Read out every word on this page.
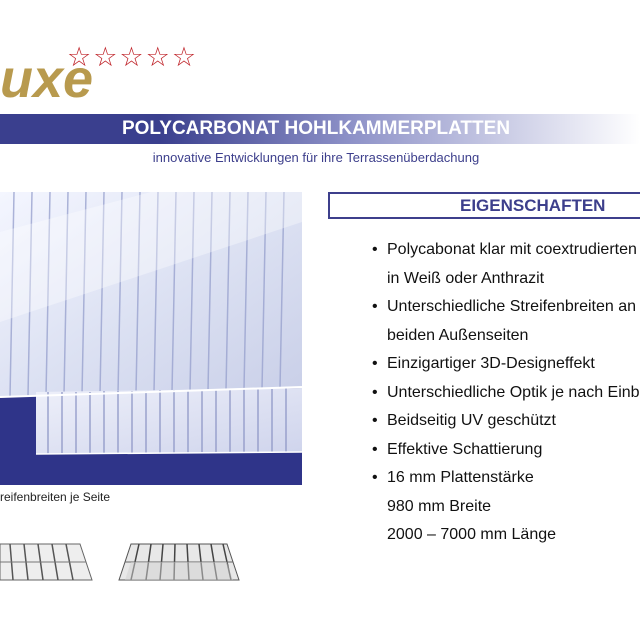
uxe
☆☆☆☆☆
POLYCARBONAT HOHLKAMMERPLATTEN
innovative Entwicklungen für ihre Terrassenüberdachung
reifenbreiten je Seite
EIGENSCHAFTEN
• Polycabonat klar mit coextrudierten
in Weiß oder Anthrazit
• Unterschiedliche Streifenbreiten an
beiden Außenseiten
• Einzigartiger 3D-Designeffekt
• Unterschiedliche Optik je nach Einb
• Beidseitig UV geschützt
• Effektive Schattierung
• 16 mm Plattenstärke
980 mm Breite
2000 – 7000 mm Länge
